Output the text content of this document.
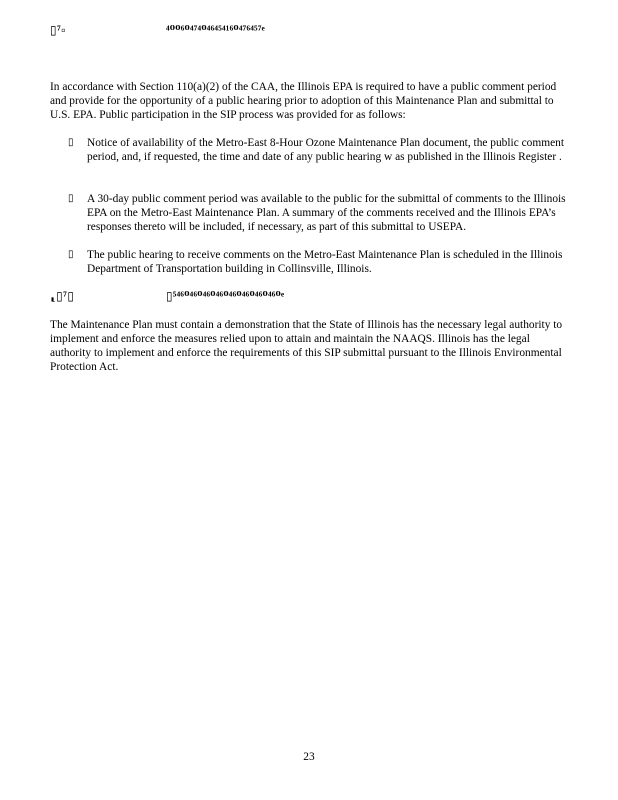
▯⁷▫	⁴⁰⁰⁶⁰⁴⁷⁴⁰⁴⁶⁴⁵⁴¹⁶⁰⁴⁷⁶⁴⁵⁷ᵉ

In accordance with Section 110(a)(2) of the CAA, the Illinois EPA is required to have a public comment period and provide for the opportunity of a public hearing prior to adoption of this Maintenance Plan and submittal to U.S. EPA. Public participation in the SIP process was provided for as follows:

▯	Notice of availability of the Metro-East 8-Hour Ozone Maintenance Plan document, the public comment period, and, if requested, the time and date of any public hearing w as published in the Illinois Register .

▯	A 30-day public comment period was available to the public for the submittal of comments to the Illinois EPA on the Metro-East Maintenance Plan. A summary of the comments received and the Illinois EPA’s responses thereto will be included, if necessary, as part of this submittal to USEPA.

▯	The public hearing to receive comments on the Metro-East Maintenance Plan is scheduled in the Illinois Department of Transportation building in Collinsville, Illinois.

⸤▯⁷▯	▯⁵⁴⁶⁰⁴⁶⁰⁴⁶⁰⁴⁶⁰⁴⁶⁰⁴⁶⁰⁴⁶⁰⁴⁶⁰ᵉ

The Maintenance Plan must contain a demonstration that the State of Illinois has the necessary legal authority to implement and enforce the measures relied upon to attain and maintain the NAAQS. Illinois has the legal authority to implement and enforce the requirements of this SIP submittal pursuant to the Illinois Environmental Protection Act.

23
